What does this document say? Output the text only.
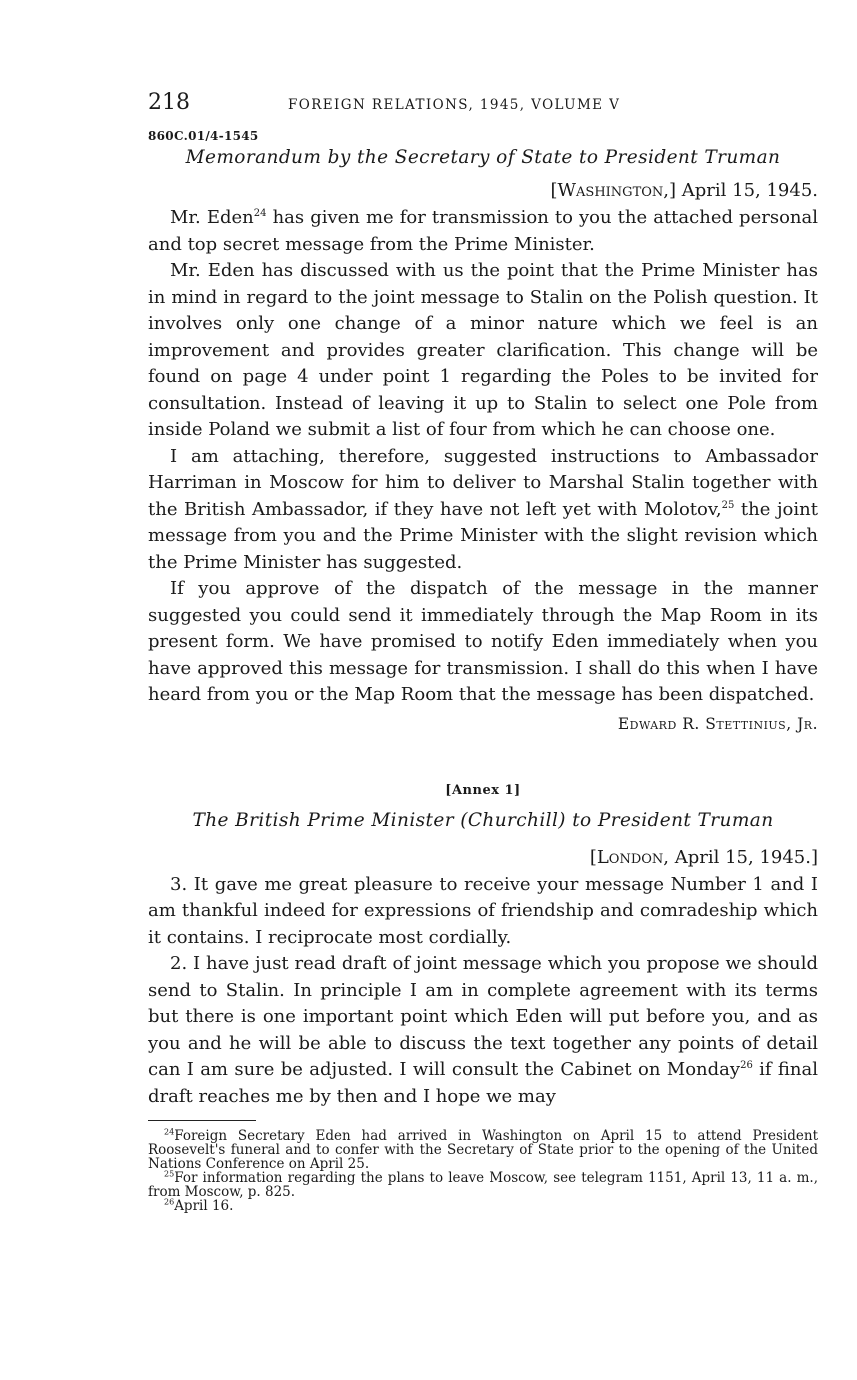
218	FOREIGN RELATIONS, 1945, VOLUME V
860C.01/4-1545
Memorandum by the Secretary of State to President Truman
[Washington,] April 15, 1945.

Mr. Eden$^{24}$ has given me for transmission to you the attached personal and top secret message from the Prime Minister.

Mr. Eden has discussed with us the point that the Prime Minister has in mind in regard to the joint message to Stalin on the Polish question. It involves only one change of a minor nature which we feel is an improvement and provides greater clarification. This change will be found on page 4 under point 1 regarding the Poles to be invited for consultation. Instead of leaving it up to Stalin to select one Pole from inside Poland we submit a list of four from which he can choose one.

I am attaching, therefore, suggested instructions to Ambassador Harriman in Moscow for him to deliver to Marshal Stalin together with the British Ambassador, if they have not left yet with Molotov,$^{25}$ the joint message from you and the Prime Minister with the slight revision which the Prime Minister has suggested.

If you approve of the dispatch of the message in the manner suggested you could send it immediately through the Map Room in its present form. We have promised to notify Eden immediately when you have approved this message for transmission. I shall do this when I have heard from you or the Map Room that the message has been dispatched.

Edward R. Stettinius, Jr.
[Annex 1]
The British Prime Minister (Churchill) to President Truman
[London, April 15, 1945.]

3. It gave me great pleasure to receive your message Number 1 and I am thankful indeed for expressions of friendship and comradeship which it contains. I reciprocate most cordially.

2. I have just read draft of joint message which you propose we should send to Stalin. In principle I am in complete agreement with its terms but there is one important point which Eden will put before you, and as you and he will be able to discuss the text together any points of detail can I am sure be adjusted. I will consult the Cabinet on Monday$^{26}$ if final draft reaches me by then and I hope we may

$^{24}$Foreign Secretary Eden had arrived in Washington on April 15 to attend President Roosevelt's funeral and to confer with the Secretary of State prior to the opening of the United Nations Conference on April 25.

$^{25}$For information regarding the plans to leave Moscow, see telegram 1151, April 13, 11 a. m., from Moscow, p. 825.

$^{26}$April 16.
